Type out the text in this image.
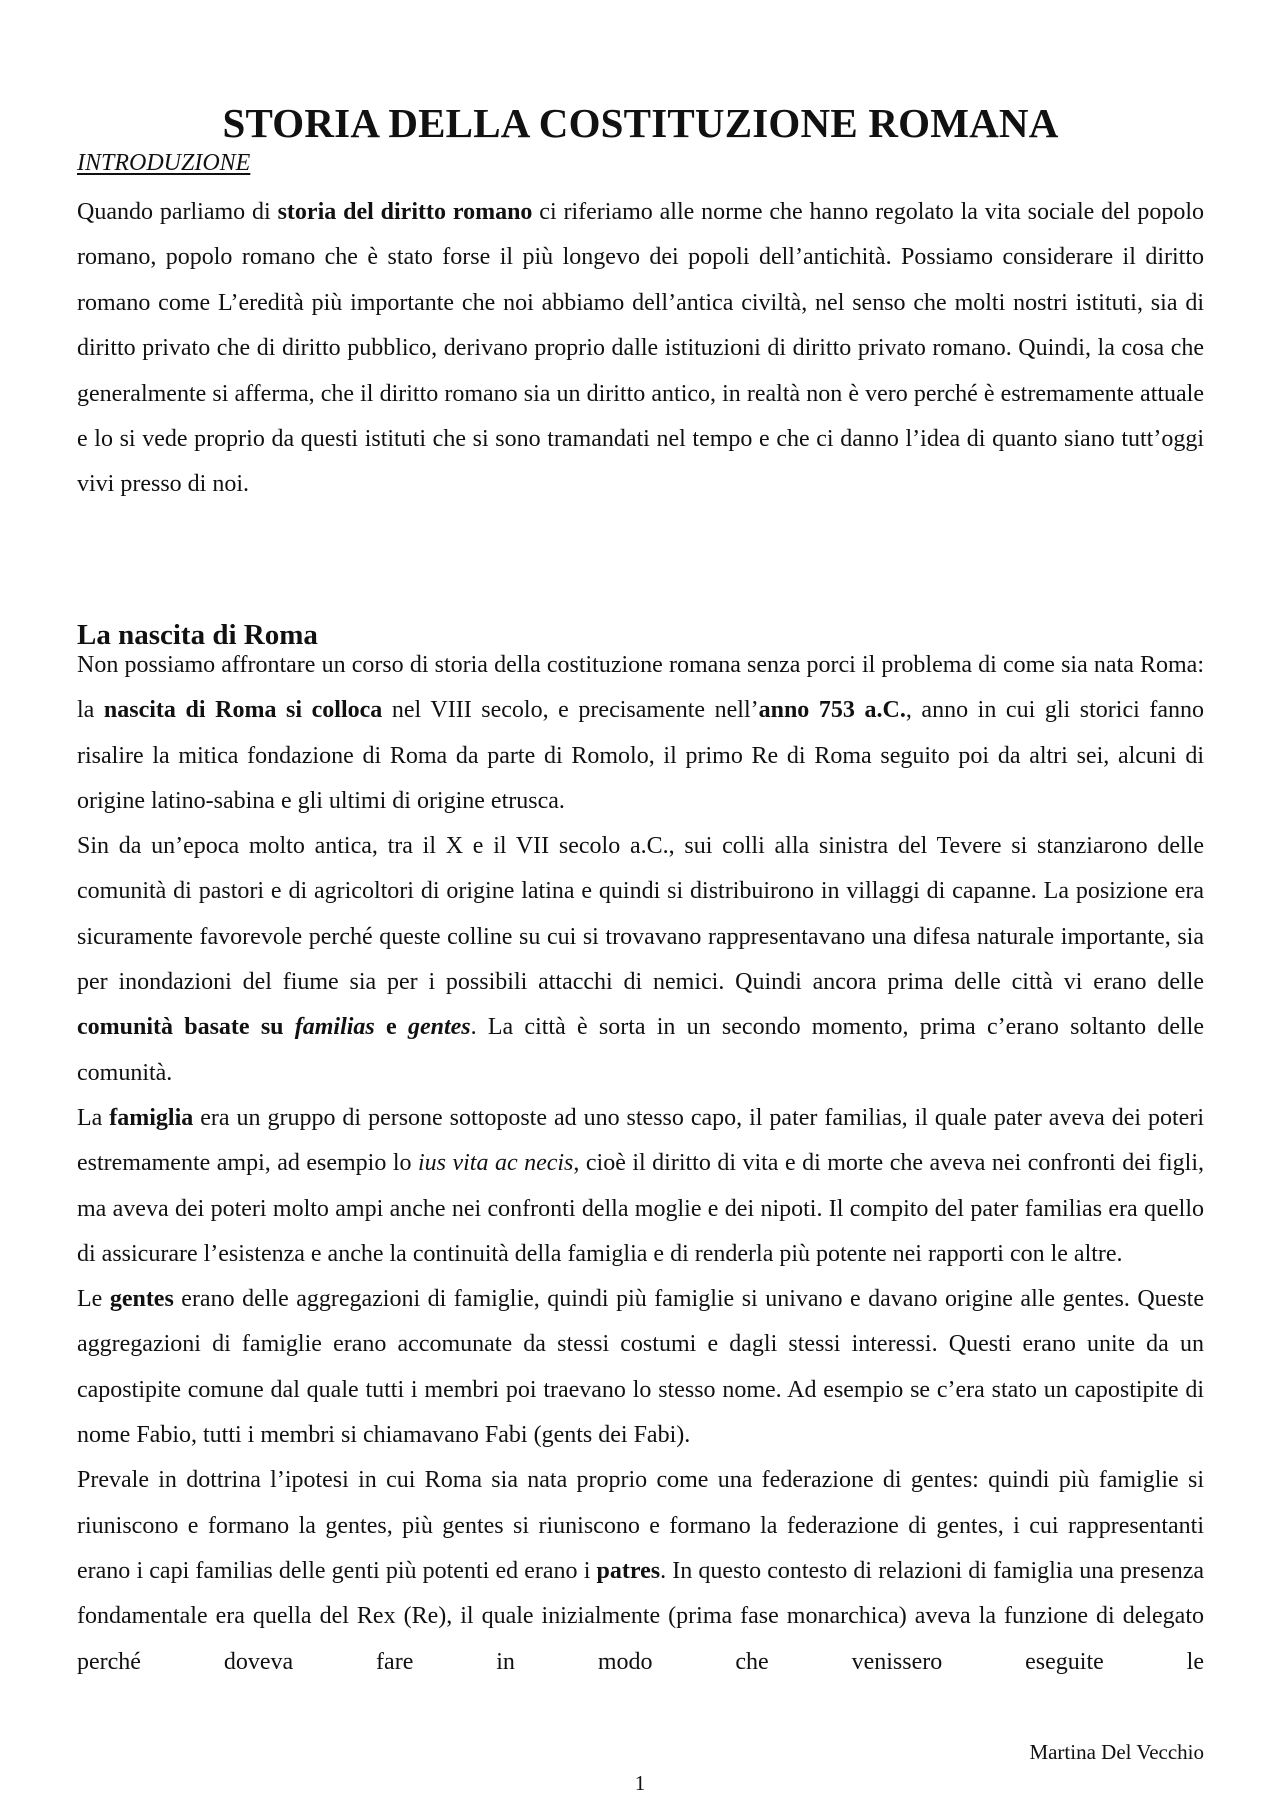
STORIA DELLA COSTITUZIONE ROMANA
INTRODUZIONE

Quando parliamo di storia del diritto romano ci riferiamo alle norme che hanno regolato la vita sociale del popolo romano, popolo romano che è stato forse il più longevo dei popoli dell’antichità. Possiamo considerare il diritto romano come L’eredità più importante che noi abbiamo dell’antica civiltà, nel senso che molti nostri istituti, sia di diritto privato che di diritto pubblico, derivano proprio dalle istituzioni di diritto privato romano. Quindi, la cosa che generalmente si afferma, che il diritto romano sia un diritto antico, in realtà non è vero perché è estremamente attuale e lo si vede proprio da questi istituti che si sono tramandati nel tempo e che ci danno l’idea di quanto siano tutt’oggi vivi presso di noi.

La nascita di Roma

Non possiamo affrontare un corso di storia della costituzione romana senza porci il problema di come sia nata Roma: la nascita di Roma si colloca nel VIII secolo, e precisamente nell’anno 753 a.C., anno in cui gli storici fanno risalire la mitica fondazione di Roma da parte di Romolo, il primo Re di Roma seguito poi da altri sei, alcuni di origine latino-sabina e gli ultimi di origine etrusca.

Sin da un’epoca molto antica, tra il X e il VII secolo a.C., sui colli alla sinistra del Tevere si stanziarono delle comunità di pastori e di agricoltori di origine latina e quindi si distribuirono in villaggi di capanne. La posizione era sicuramente favorevole perché queste colline su cui si trovavano rappresentavano una difesa naturale importante, sia per inondazioni del fiume sia per i possibili attacchi di nemici. Quindi ancora prima delle città vi erano delle comunità basate su familias e gentes. La città è sorta in un secondo momento, prima c’erano soltanto delle comunità.

La famiglia era un gruppo di persone sottoposte ad uno stesso capo, il pater familias, il quale pater aveva dei poteri estremamente ampi, ad esempio lo ius vita ac necis, cioè il diritto di vita e di morte che aveva nei confronti dei figli, ma aveva dei poteri molto ampi anche nei confronti della moglie e dei nipoti. Il compito del pater familias era quello di assicurare l’esistenza e anche la continuità della famiglia e di renderla più potente nei rapporti con le altre.

Le gentes erano delle aggregazioni di famiglie, quindi più famiglie si univano e davano origine alle gentes. Queste aggregazioni di famiglie erano accomunate da stessi costumi e dagli stessi interessi. Questi erano unite da un capostipite comune dal quale tutti i membri poi traevano lo stesso nome. Ad esempio se c’era stato un capostipite di nome Fabio, tutti i membri si chiamavano Fabi (gents dei Fabi).

Prevale in dottrina l’ipotesi in cui Roma sia nata proprio come una federazione di gentes: quindi più famiglie si riuniscono e formano la gentes, più gentes si riuniscono e formano la federazione di gentes, i cui rappresentanti erano i capi familias delle genti più potenti ed erano i patres. In questo contesto di relazioni di famiglia una presenza fondamentale era quella del Rex (Re), il quale inizialmente (prima fase monarchica) aveva la funzione di delegato perché doveva fare in modo che venissero eseguite le

Martina Del Vecchio
1
